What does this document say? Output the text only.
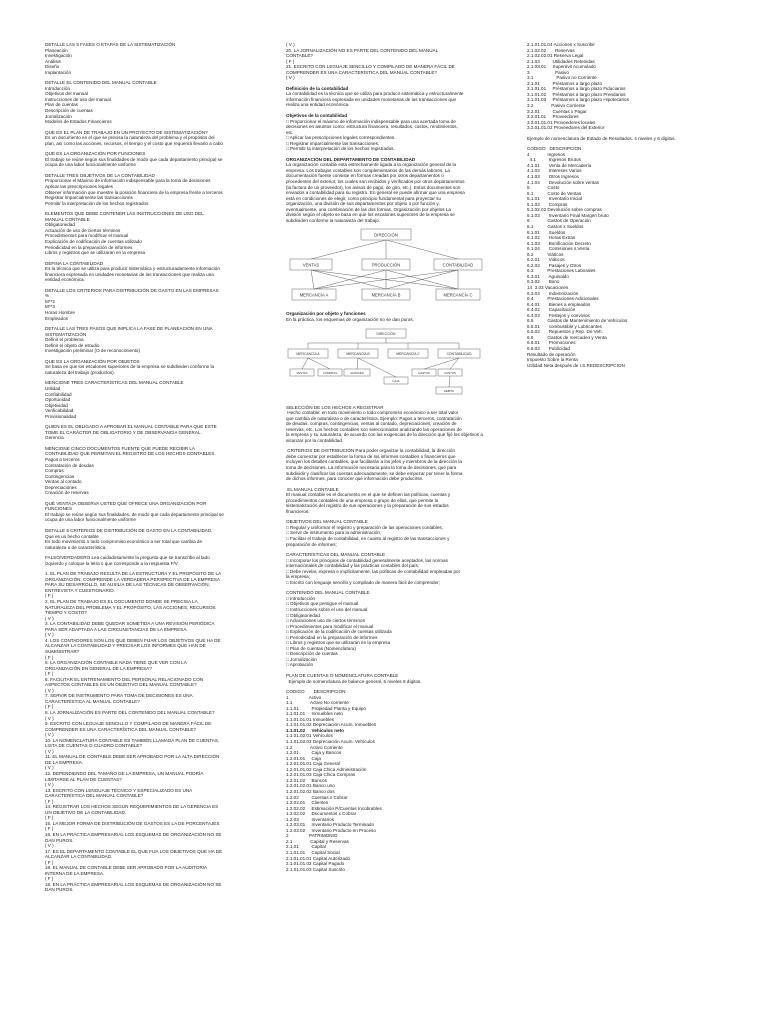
DETALLE LAS 5 FASES O ETAPAS DE LA SISTEMATIZACIÓN
Planeación
Investigación
Análisis
Diseño
Implantación
DETALLE EL CONTENIDO DEL MANUAL CONTABLE
Introducción
Objetivos del manual
Instrucciones de uso del manual
Plan de cuentas
Descripción de cuentas
Jornalización
Modelos de Estados Financieros
QUE ES EL PLAN DE TRABAJO EN UN PROYECTO DE SISTEMATIZACIÓN?
Es un documento en el que se precisa la naturaleza del problema y el propósito del
plan, así como las acciones, recursos, el tiempo y el costo que requerirá llevarlo a cabo
QUE ES LA ORGANIZACIÓN POR FUNCIONES
El trabajo se reúne según sus finalidades de modo que cada departamento principal se
ocupa de una labor funcionalmente uniforme
DETALLE TRES OBJETIVOS DE LA CONTABILIDAD
Proporcionar el Máximo de información indispensable para la toma de decisiones
Aplicar las prescripciones legales
Obtener información que muestre la posición financiera de la empresa frente a terceros
Registrar imparcialmente las transacciones
Permitir la interpretación de los hechos registrados
ELEMENTOS QUE DEBE CONTENER LAS INSTRUCCIONES DE USO DEL
MANUAL CONTABLE
Obligatoriedad
Actuación de uso de ciertos términos
Procedimientos para modificar el manual
Explicación de codificación de cuentas utilizado
Periodicidad en la preparación de informes
Libros y registros que se utilizaran en la empresa
DEFINA LA CONTABILIDAD
Es la técnica que se utiliza para producir sistemática y estructuradamente información
financiera expresada en unidades monetarias de las transacciones que realiza una
entidad económica.
DETALLE LOS CRITERIOS PARA DISTRIBUCIÓN DE GASTO EN LAS EMPRESAS
%
M**2
M**3
Horas Hombre
Empleados
DETALLE LAS TRES PASOS QUE IMPLICA LA FASE DE PLANEACIÓN EN UNA
SISTEMATIZACIÓN
Definir el problema
Definir el objeto de estudio
Investigación preliminar (O de reconocimiento)
QUE ES LA ORGANIZACIÓN POR OBJETOS
Se basa en que los escalones superiores de la empresa se subdividen conforme la
naturaleza del trabajo (productos).
MENCIONE TRES CARACTERÍSTICAS DEL MANUAL CONTABLE
Utilidad
Confiabilidad
Oportunidad
Objetividad
Verificabilidad
Provisionalidad
QUIEN ES EL OBLIGADO A APROBAR EL MANUAL CONTABLE PARA QUE ESTE
TOME EL CARÁCTER DE OBLIGATORIO Y DE OBSERVANCIA GENERAL.
Gerencia
MENCIONE CINCO DOCUMENTOS FUENTE QUE PUEDE RECIBIR LA
CONTABILIDAD QUE PERMITAN EL REGISTRO DE LOS HECHOS CONTABLES.
Pagos a terceros
Contratación de deudas
Compras
Contingencias
Ventas al contado
Depreciaciones
Creación de reservas
QUÉ VENTAJA OBSERVA USTED QUE OFRECE UNA ORGANIZACIÓN POR
FUNCIONES
El trabajo se reúne según sus finalidades, de modo que cada departamento principal se
ocupa de una labor funcionalmente uniforme
DETALLE 5 CRITERIOS DE DISTRIBUCIÓN DE GASTO EN LA CONTABILIDAD.
Que es un hecho contable
Es todo movimiento o todo compromiso económico a ser total que cambia de
naturaleza o de característica.
FALSO/VERDADERO Lea cuidadosamente la pregunta que se transcribe al lado
izquierdo y coloque la letra o que corresponde a la respuesta F/V
1. EL PLAN DE TRABAJO RESULTA DE LA ESTRUCTURA Y EL PROPÓSITO DE LA
ORGANIZACIÓN, COMPRENDE LA VERDADERA PERSPECTIVA DE LA EMPRESA
PARA SU DESARROLLO, SE AUXILIA DE LAS TÉCNICAS DE OBSERVACIÓN,
ENTREVISTA Y CUESTIONARIO.
( F )
2. EL PLAN DE TRABAJO ES EL DOCUMENTO DONDE SE PRECISA LA
NATURALEZA DEL PROBLEMA Y EL PROPÓSITO, LAS ACCIONES, RECURSOS
TIEMPO Y COSTO?
( V )
3. LA CONTABILIDAD DEBE QUEDAR SOMETIDA A UNA REVISIÓN PERIÓDICA
PARA SER ADAPTADA A LAS CIRCUNSTANCIAS DE LA EMPRESA.
( V )
4. LOS CONTADORES SON LOS QUE DEBEN FIJAR LOS OBJETIVOS QUE HA DE
ALCANZAR LA CONTABILIDAD Y PRECISAR LOS INFORMES QUE HAN DE
SUMINISTRAR?
( F )
5. LA ORGANIZACIÓN CONTABLE NADA TIENE QUE VER CON LA
ORGANIZACIÓN EN GENERAL DE LA EMPRESA?
( F )
6. FACILITAR EL ENTRENAMIENTO DEL PERSONAL RELACIONADO CON
ASPECTOS CONTABLES ES UN OBJETIVO DEL MANUAL CONTABLE?
( V )
7. SERVIR DE INSTRUMENTO PARA TOMA DE DECISIONES ES UNA
CARACTERÍSTICA AL MANUAL CONTABLE?
( F )
8. LA JORNALIZACIÓN ES PARTE DEL CONTENIDO DEL MANUAL CONTABLE?
( V )
9. ESCRITO CON LEGUAJE SENCILLO Y COMPILADO DE MANERA FÁCIL DE
COMPRENDER ES UNA CARACTERÍSTICA DEL MANUAL CONTABLE?
( V )
10. LA NOMENCLATURA CONTABLE ES TAMBIÉN LLAMADA PLAN DE CUENTAS,
LISTA DE CUENTAS O CUADRO CONTABLE?
( V )
11. EL MANUAL DE CONTABLE DEBE SER APROBADO POR LA ALTA DIRECCIÓN
DE LA EMPRESA.
( V )
12. DEPENDIENDO DEL TAMAÑO DE LA EMPRESA, UN MANUAL PODRÍA
LIMITARSE AL PLAN DE CUENTAS?
( V )
13. ESCRITO CON LENGUAJE TÉCNICO Y ESPECIALIZADO ES UNA
CARACTERÍSTICA DEL MANUAL CONTABLE?
( F )
14. REGISTRAR LOS HECHOS SEGÚN REQUERIMIENTOS DE LA GERENCIA ES
UN OBJETIVO DE LA CONTABILIDAD.
( F )
15. LA MEJOR FORMA DE DISTRIBUCIÓN DE GASTOS ES LA DE PORCENTAJES
( F )
16. EN LA PRÁCTICA EMPRESARIAL LOS ESQUEMAS DE ORGANIZACIÓN NO SE
DAN PUROS.
( V )
17. ES EL DEPARTAMENTO CONTABLE EL QUE FIJA LOS OBJETIVOS QUE HA DE
ALCANZAR LA CONTABILIDAD.
( F )
18. EL MANUAL DE CONTABLE DEBE SER APROBADO POR LA AUDITORIA
INTERNA DE LA EMPRESA.
( F )
19. EN LA PRÁCTICA EMPRESARIAL LOS ESQUEMAS DE ORGANIZACIÓN NO SE
DAN PUROS.
( V )
20. LA JORNALIZACIÓN NO ES PARTE DEL CONTENIDO DEL MANUAL
CONTABLE?
( F )
21. ESCRITO CON LEGUAJE SENCILLO Y COMPILADO DE MANERA FÁCIL DE
COMPRENDER ES UNA CARACTERÍSTICA DEL MANUAL CONTABLE?
( V )
Definición de la contabilidad
La contabilidad es la técnica que se utiliza para producir sistemática y estructuralmente
información financiera expresada en unidades monetarias de las transacciones que
realiza una entidad económica.
Objetivos de la contabilidad
□ Proporcionar el máximo de información indispensable para una acertada toma de
decisiones en asuntos como: estructura financiera, resultados, costos, rendimientos,
etc.
□ Aplicar las prescripciones legales correspondientes.
□ Registrar imparcialmente las transacciones.
□ Permitir la interpretación de los hechos registrados.
ORGANIZACIÓN DEL DEPARTAMENTO DE CONTABILIDAD
La organización contable está estrechamente ligada a la organización general de la
empresa. Los trabajos contables son complementarios de las demás labores. La
documentación fuente consiste en formas creadas por otros departamentos o
procedentes del exterior, los cuales son recibidos y verificados por otros departamentos
(la factura de un proveedor), los avisos de pago, de giro, etc.). Estos documentos son
enviados a contabilidad para su registro. En general se puede afirmar que una empresa
está en condiciones de elegir, como principio fundamental para proyectar su
organización, una división de sus departamentos por objeto o por función y,
eventualmente, una combinación de las dos formas. Organización por objetos La
división según el objeto se basa en que los escalones superiores de la empresa se
subdividen conforme la naturaleza del trabajo.
DIRECCIÓN
VENTAS	PRODUCCIÓN	CONTABILIDAD
MERCANCÍA A	MERCANCÍA B	MERCANCÍA C
Organización por objeto y funciones
En la práctica, los esquemas de organización no se dan puros.
DIRECCIÓN
MERCANCÍA A	MERCANCÍA B	MERCANCÍA C	CONTABILIDAD
VENTAS	COMPRAS	ALMACÉN
CAJA
GASTOS	COSTOS
DEBITO
SELECCIÓN DE LOS HECHOS A REGISTRAR
Hecho contable: en todo movimiento o todo compromiso económico a ser total valor
que cambia de naturaleza o de característica. Ejemplo: Pagos a terceros, contratación
de deudas, compras, contingencias, ventas al contado, depreciaciones, creación de
reservas, etc. Los hechos contables son seleccionados analizando las operaciones de
la empresa y su naturaleza, de acuerdo con las exigencias de la dirección que fijó los objetivos a
alcanzar por la contabilidad.
CRITERIOS DE DISTRIBUCIÓN Para poder organizar la contabilidad, la dirección
debe comenzar por establecer la forma de los informes contables o financieros que
incluyen los detalles contables, que facilitarán a los jefes y miembros de la dirección la
toma de decisiones. La información necesaria para la toma de decisiones, que para
subdividir y clasificar las cuentas adecuadamente, se debe empezar por tener la forma
de dichos informes, para conocer qué información debe producirse.
EL MANUAL CONTABLE
El manual contable es el documento en el que se definen las políticas, cuentas y
procedimientos contables de una empresa o grupo de ellas, que permite la
sistematización del registro de sus operaciones y la preparación de sus estados
financieros.
OBJETIVOS DEL MANUAL CONTABLE
□ Regular y uniformar el registro y preparación de las operaciones contables;
□ Servir de instrumento para la administración;
□ Facilitar el trabajo de contabilidad, en cuanto al registro de las transacciones y
preparación de informes;
CARACTERÍSTICAS DEL MANUAL CONTABLE
□ Incorporar los principios de contabilidad generalmente aceptados, las normas
internacionales de contabilidad y las prácticas contables del país;
□ Debe revelar, expresa e implícitamente, las políticas de contabilidad empleadas por
la empresa;
□ Escrito con lenguaje sencillo y compilado de manera fácil de comprender;
CONTENIDO DEL MANUAL CONTABLE
□ Introducción
□ Objetivos que persigue el manual
□ Instrucciones sobre el uso del manual
□ Obligatoriedad
□ Aclaraciones uso de ciertos términos
□ Procedimientos para modificar el manual
□ Explicación de la codificación de cuentas utilizada
□ Periodicidad en la preparación de informes
□ Libros y registros que se utilizarán en la empresa
□ Plan de cuentas (Nomenclatura)
□ Descripción de cuentas
□ Jornalización
□ Aprobación
PLAN DE CUENTAS O NOMENCLATURA CONTABLE
Ejemplo de nomenclatura de balance general, 5 niveles 8 dígitos.
CODIGO       DESCRIPCION
1                Activo
1.1              Activo No corriente
1.1.01          Propiedad Planta y Equipo
1.1.01.01     Inmuebles neto
1.1.01.01.01 Inmuebles
1.1.01.01.02 Depreciación Acum. Inmuebles
1.1.01.02     Vehículos neto
1.1.01.02.01 Vehículos
1.1.01.02.02 Depreciación Acum. Vehículos
1.2              Activo Corriente
1.2.01          Caja y Bancos
1.2.01.01     Caja
1.2.01.01.01 Caja General
1.2.01.01.02 Caja Chica Administración
1.2.01.01.03 Caja Chica Compras
1.2.01.02     Bancos
1.2.01.02.01 Banco uno
1.2.01.02.02 Banco dos
1.2.02          Cuentas x Cobrar
1.2.02.01     Clientes
1.2.02.02     Estimación P/Cuentas Incobrables
1.2.02.02     Documentos x Cobrar
1.2.03          Inventarios
1.2.03.01     Inventario Producto Terminado
1.2.03.02     Inventario Producto en Proceso
2                PATRIMONIO
2.1              Capital y Reservas
2.1.01          Capital
2.1.01.01     Capital Social
2.1.01.01.01 Capital Autorizado
2.1.01.01.02 Capital Pagado
2.1.01.01.03 Capital Suscrito
2.1.01.01.04 Acciones x Suscribir
2.1.02.02       Reservas
2.1.02.02.01 Reserva Legal
2.1.03          Utilidades Retenidas
2.1.03.01     Superávit Acumulado
3                    Pasivo
3.1                  Pasivo no Corriente
3.1.01          Préstamos a largo plazo
3.1.01.01     Préstamos a largo plazo Fiduciarios
3.1.01.02     Préstamos a largo plazo Prendarios
3.1.01.03     Préstamos a largo plazo Hipotecarios
3.2              Pasivo Corriente
3.2.01          Cuentas x Pagar
3.2.01.01     Proveedores
3.2.01.01.01 Proveedores locales
3.2.01.01.02 Proveedores del Exterior
Ejemplo de nomenclatura de Estado de Resultados. 4 niveles y 6 dígitos.
CODIGO   DESCRIPCION
4              Ingresos
4.1          Ingresos Brutos
4.1.01       Venta de Mercadería
4.1.02       Intereses Varios
4.1.03       Otros Ingresos
4.1.04       Devolución sobre ventas
5              Costo
5.1           Costo de Ventas
5.1.01       Inventario Inicial
5.1.02       Compras
5.1.02.02 Devolución sobre compras
5.1.03       Inventario Final Margen bruto
6              Gastos de Operación
6.1           Gastos x Sueldos
6.1.01       Sueldos
6.1.02       Horas Extras
6.1.03       Bonificación Decreto
6.1.04       Comisiones s.Venta
6.2           Viáticos
6.2.01       Viáticos
6.2.02       Pasajes y Otros
6.3           Prestaciones Laborales
6.3.01       Aguinaldo
6.3.02       Bono
14  3.03 Vacaciones
6.3.04       Indemnización
6.4           Prestaciones Adicionales
6.4.01       Bienes a empleados
6.4.02       Capacitación
6.4.03       Festejos y convivios
6.5           Gastos de Mantenimiento de Vehículos
6.5.01       combustible y Lubricantes
6.5.02       Repuestos y Rep. De Veh.
6.6           Gastos de mercadeo y Venta
6.6.01       Promociones
6.6.02       Publicidad
Resultado de operación
Impuesto Sobre la Renta
Utilidad Neta después de I.S.REDESCRIPCION
